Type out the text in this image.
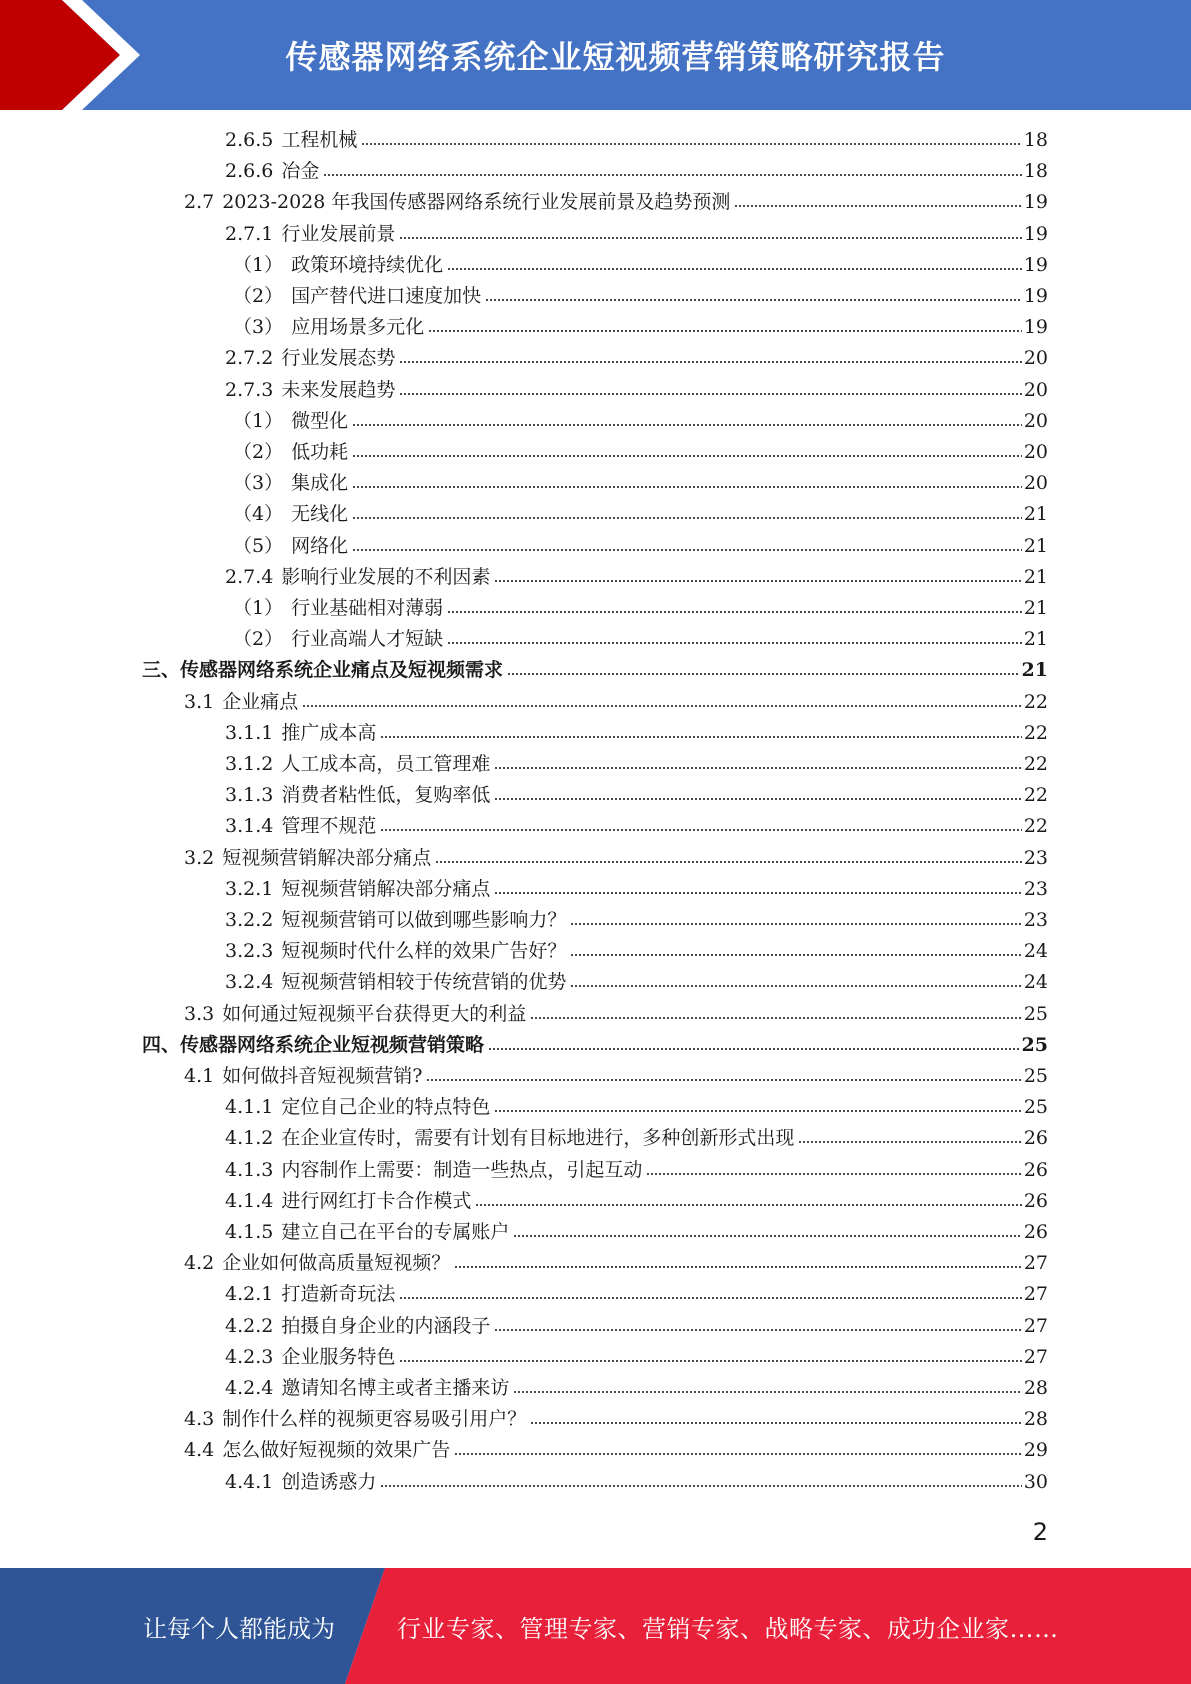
传感器网络系统企业短视频营销策略研究报告
2.6.5 工程机械	18
2.6.6 冶金	18
2.7 2023-2028 年我国传感器网络系统行业发展前景及趋势预测	19
2.7.1 行业发展前景	19
（1） 政策环境持续优化	19
（2） 国产替代进口速度加快	19
（3） 应用场景多元化	19
2.7.2 行业发展态势	20
2.7.3 未来发展趋势	20
（1） 微型化	20
（2） 低功耗	20
（3） 集成化	20
（4） 无线化	21
（5） 网络化	21
2.7.4 影响行业发展的不利因素	21
（1） 行业基础相对薄弱	21
（2） 行业高端人才短缺	21
三、 传感器网络系统企业痛点及短视频需求	21
3.1 企业痛点	22
3.1.1 推广成本高	22
3.1.2 人工成本高，员工管理难	22
3.1.3 消费者粘性低，复购率低	22
3.1.4 管理不规范	22
3.2 短视频营销解决部分痛点	23
3.2.1 短视频营销解决部分痛点	23
3.2.2 短视频营销可以做到哪些影响力？	23
3.2.3 短视频时代什么样的效果广告好？	24
3.2.4 短视频营销相较于传统营销的优势	24
3.3 如何通过短视频平台获得更大的利益	25
四、 传感器网络系统企业短视频营销策略	25
4.1 如何做抖音短视频营销?	25
4.1.1 定位自己企业的特点特色	25
4.1.2 在企业宣传时，需要有计划有目标地进行，多种创新形式出现	26
4.1.3 内容制作上需要：制造一些热点，引起互动	26
4.1.4 进行网红打卡合作模式	26
4.1.5 建立自己在平台的专属账户	26
4.2 企业如何做高质量短视频？	27
4.2.1 打造新奇玩法	27
4.2.2 拍摄自身企业的内涵段子	27
4.2.3 企业服务特色	27
4.2.4 邀请知名博主或者主播来访	28
4.3 制作什么样的视频更容易吸引用户？	28
4.4 怎么做好短视频的效果广告	29
4.4.1 创造诱惑力	30
2
让每个人都能成为	行业专家、管理专家、营销专家、战略专家、成功企业家……
